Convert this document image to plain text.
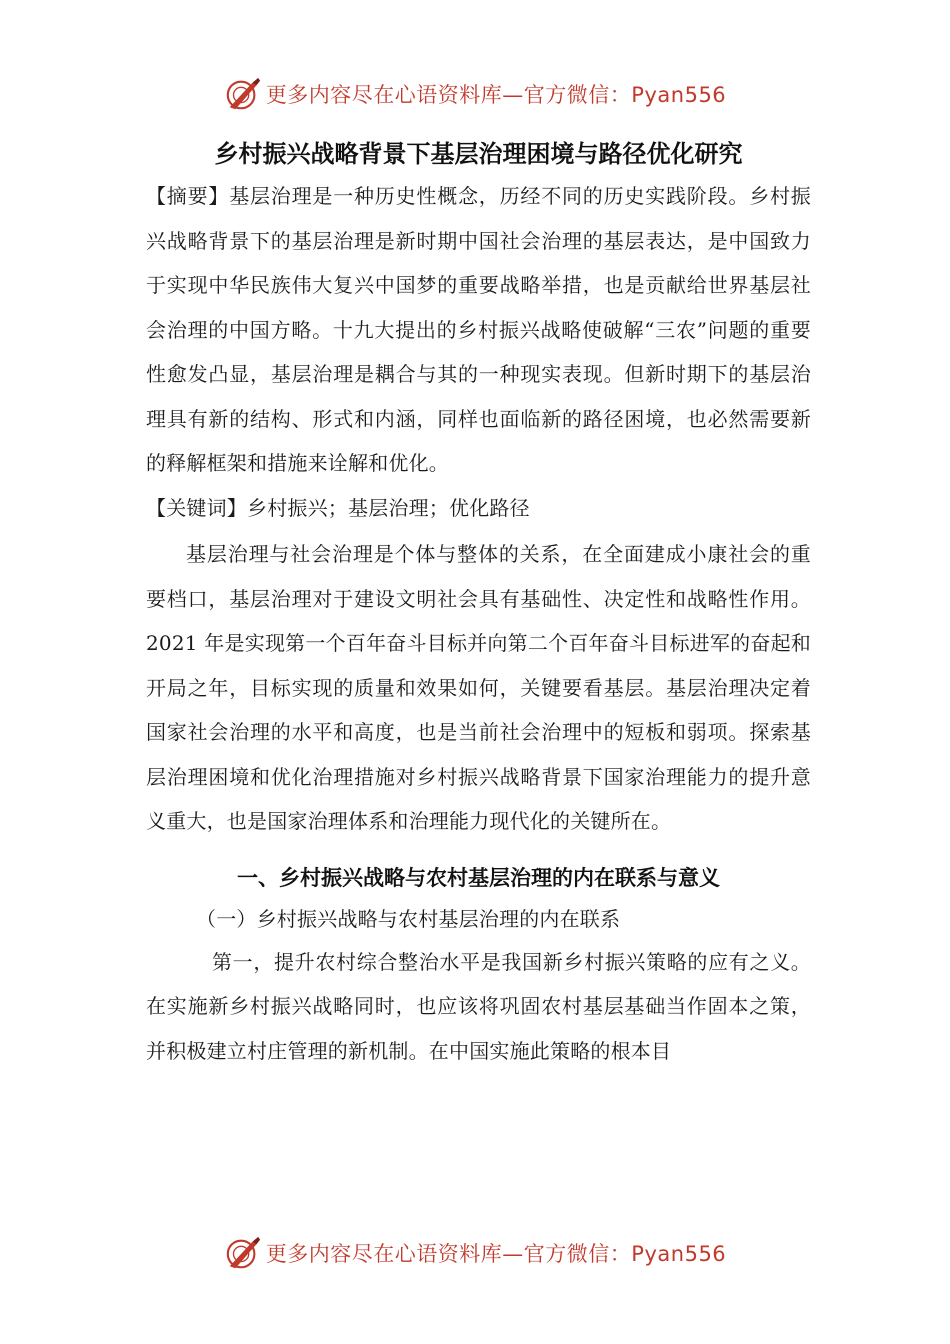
更多内容尽在心语资料库—官方微信：Pyan556
乡村振兴战略背景下基层治理困境与路径优化研究

【摘要】基层治理是一种历史性概念，历经不同的历史实践阶段。乡村振兴战略背景下的基层治理是新时期中国社会治理的基层表达，是中国致力于实现中华民族伟大复兴中国梦的重要战略举措，也是贡献给世界基层社会治理的中国方略。十九大提出的乡村振兴战略使破解“三农”问题的重要性愈发凸显，基层治理是耦合与其的一种现实表现。但新时期下的基层治理具有新的结构、形式和内涵，同样也面临新的路径困境，也必然需要新的释解框架和措施来诠解和优化。

【关键词】乡村振兴；基层治理；优化路径

基层治理与社会治理是个体与整体的关系，在全面建成小康社会的重要档口，基层治理对于建设文明社会具有基础性、决定性和战略性作用。2021 年是实现第一个百年奋斗目标并向第二个百年奋斗目标进军的奋起和开局之年，目标实现的质量和效果如何，关键要看基层。基层治理决定着国家社会治理的水平和高度，也是当前社会治理中的短板和弱项。探索基层治理困境和优化治理措施对乡村振兴战略背景下国家治理能力的提升意义重大，也是国家治理体系和治理能力现代化的关键所在。

一、乡村振兴战略与农村基层治理的内在联系与意义

（一）乡村振兴战略与农村基层治理的内在联系

第一，提升农村综合整治水平是我国新乡村振兴策略的应有之义。在实施新乡村振兴战略同时，也应该将巩固农村基层基础当作固本之策，并积极建立村庄管理的新机制。在中国实施此策略的根本目

更多内容尽在心语资料库—官方微信：Pyan556
